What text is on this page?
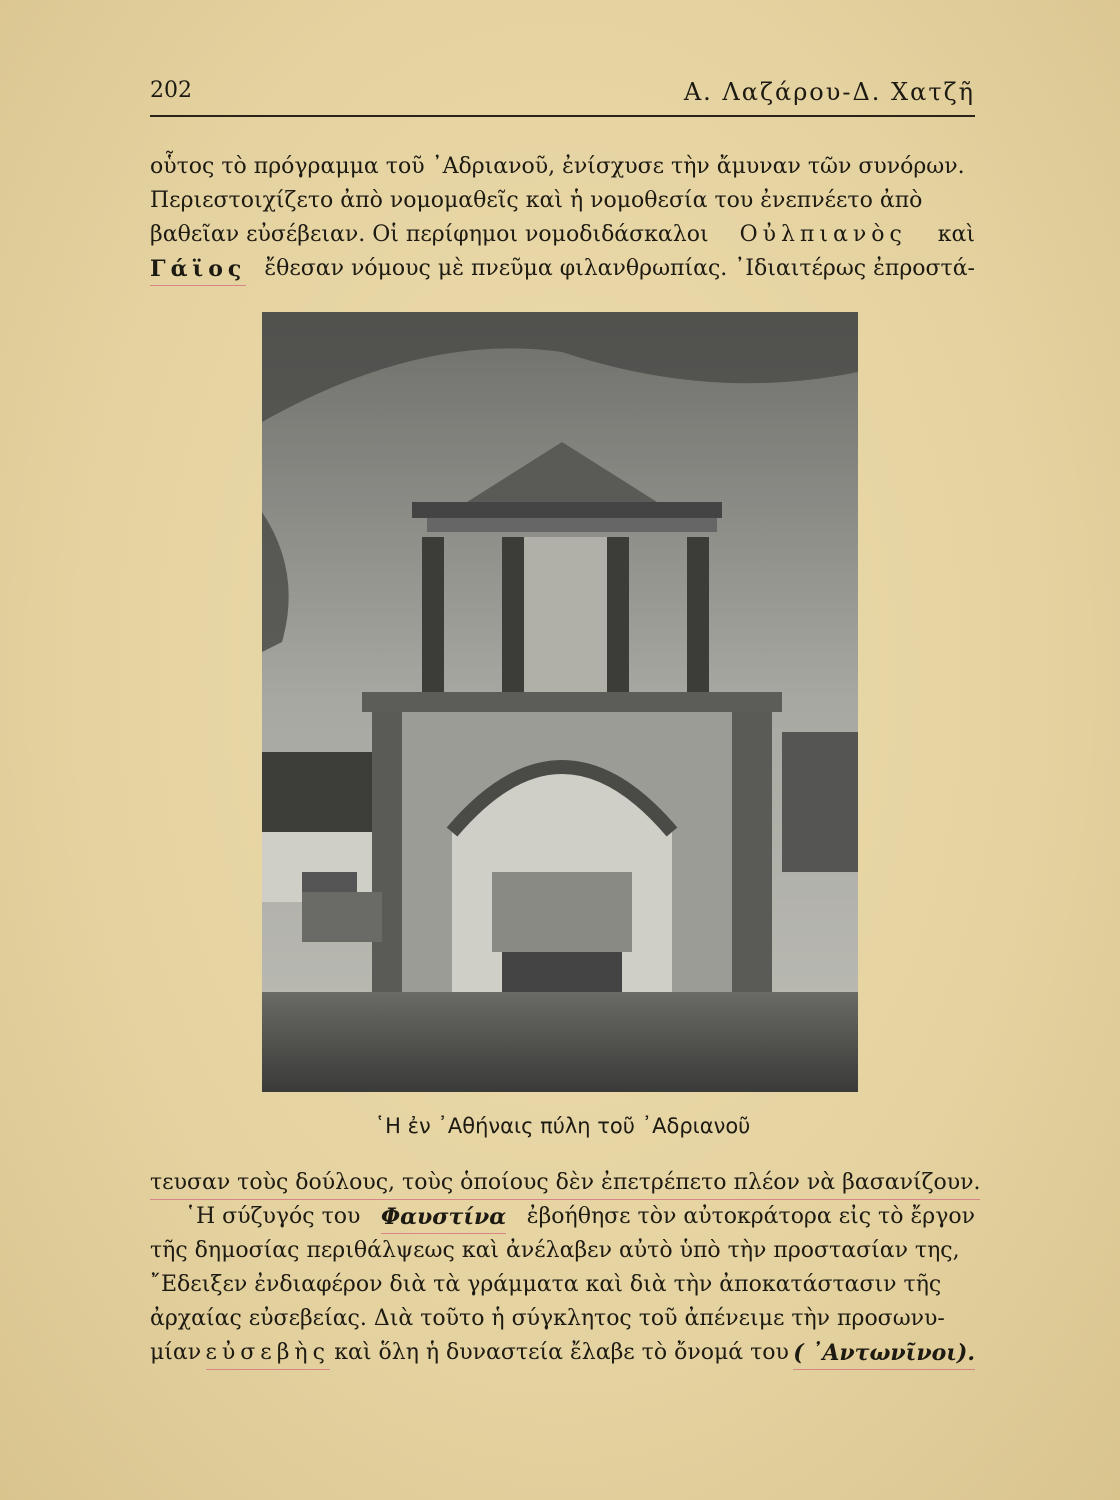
202	Α. Λαζάρου-Δ. Χατζῆ
οὗτος τὸ πρόγραμμα τοῦ ᾿Αδριανοῦ, ἐνίσχυσε τὴν ἄμυναν τῶν συνόρων.
Περιεστοιχίζετο ἀπὸ νομομαθεῖς καὶ ἡ νομοθεσία του ἐνεπνέετο ἀπὸ
βαθεῖαν εὐσέβειαν. Οἱ περίφημοι νομοδιδάσκαλοι Οὐλπιανὸς καὶ
Γάϊος ἔθεσαν νόμους μὲ πνεῦμα φιλανθρωπίας. ᾿Ιδιαιτέρως ἐπροστά-
῾Η ἐν ᾿Αθήναις πύλη τοῦ ᾿Αδριανοῦ
τευσαν τοὺς δούλους, τοὺς ὁποίους δὲν ἐπετρέπετο πλέον νὰ βασανίζουν.
῾Η σύζυγός του Φαυστίνα ἐβοήθησε τὸν αὐτοκράτορα εἰς τὸ ἔργον
τῆς δημοσίας περιθάλψεως καὶ ἀνέλαβεν αὐτὸ ὑπὸ τὴν προστασίαν της,
῎Εδειξεν ἐνδιαφέρον διὰ τὰ γράμματα καὶ διὰ τὴν ἀποκατάστασιν τῆς
ἀρχαίας εὐσεβείας. Διὰ τοῦτο ἡ σύγκλητος τοῦ ἀπένειμε τὴν προσωνυ-
μίαν εὐσεβὴς καὶ ὅλη ἡ δυναστεία ἔλαβε τὸ ὄνομά του ( ᾿Αντωνῖνοι).
